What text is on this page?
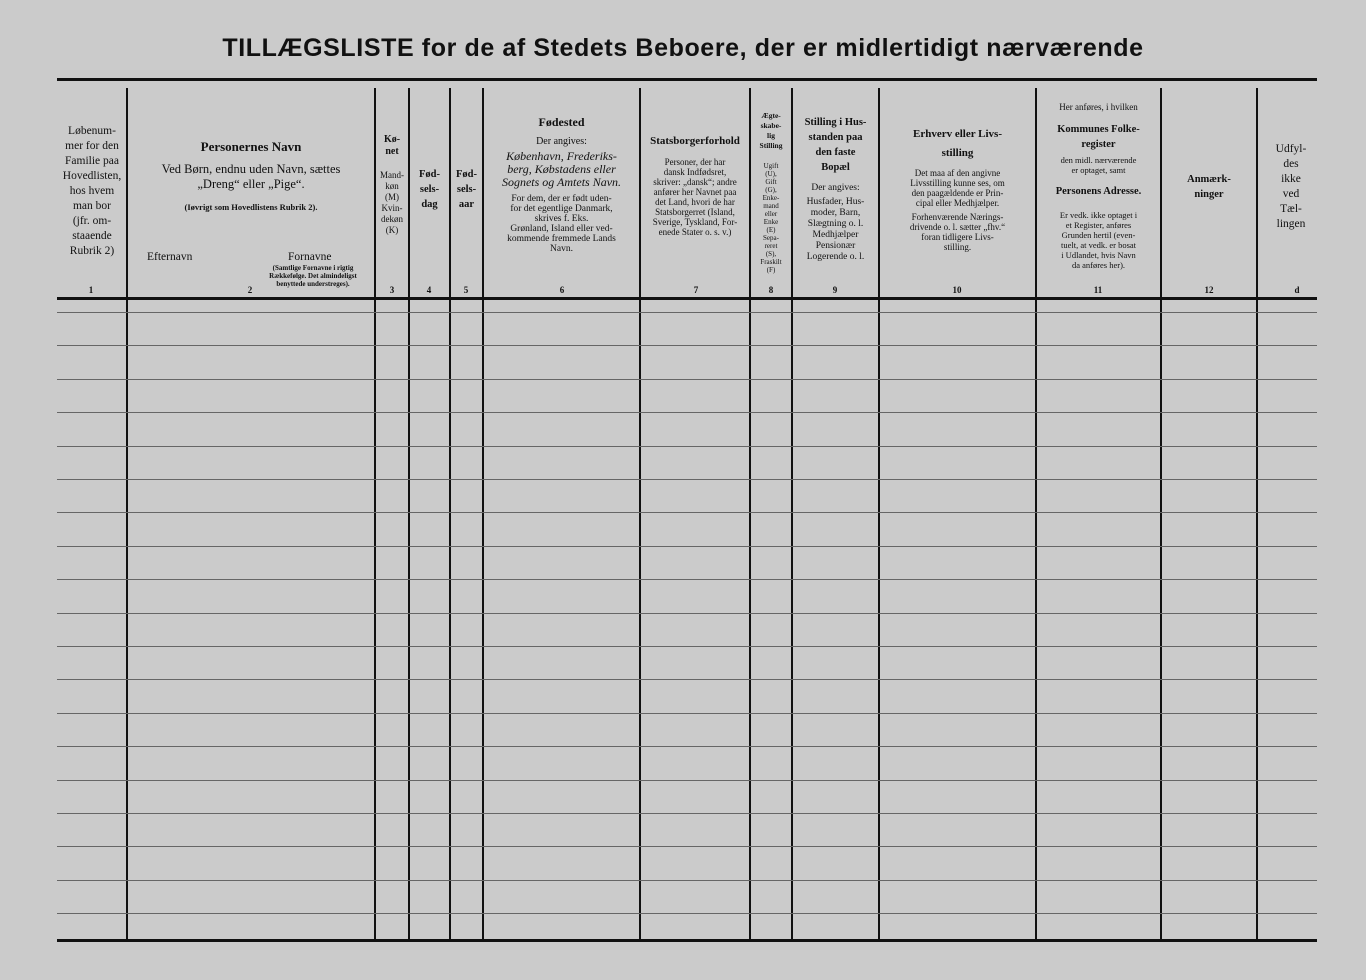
TILLÆGSLISTE for de af Stedets Beboere, der er midlertidigt nærværende
Løbenum-
mer for den
Familie paa
Hovedlisten,
hos hvem
man bor
(jfr. om-
staaende
Rubrik 2)
1
Personernes Navn
Ved Børn, endnu uden Navn, sættes
„Dreng“ eller „Pige“.
(Iøvrigt som Hovedlistens Rubrik 2).
Efternavn	Fornavne
(Samtlige Fornavne i rigtig Rækkefølge. Det almindeligst benyttede understreges).
2
Kø-
net
Mand-
køn
(M)
Kvin-
dekøn
(K)
3
Fød-
sels-
dag
4
Fød-
sels-
aar
5
Fødested
Der angives:
København, Frederiks-
berg, Købstadens eller
Sognets og Amtets Navn.
For dem, der er født uden-
for det egentlige Danmark,
skrives f. Eks.
Grønland, Island eller ved-
kommende fremmede Lands
Navn.
6
Statsborgerforhold
Personer, der har
dansk Indfødsret,
skriver: „dansk“; andre
anfører her Navnet paa
det Land, hvori de har
Statsborgerret (Island,
Sverige, Tyskland, For-
enede Stater o. s. v.)
7
Ægte-
skabe-
lig
Stilling
Ugift
(U),
Gift
(G),
Enke-
mand
eller
Enke
(E)
Sepa-
reret
(S),
Fraskilt
(F)
8
Stilling i Hus-
standen paa
den faste
Bopæl
Der angives:
Husfader, Hus-
moder, Barn,
Slægtning o. l.
Medhjælper
Pensionær
Logerende o. l.
9
Erhverv eller Livs-
stilling
Det maa af den angivne
Livsstilling kunne ses, om
den paagældende er Prin-
cipal eller Medhjælper.
Forhenværende Nærings-
drivende o. l. sætter „fhv.“
foran tidligere Livs-
stilling.
10
Her anføres, i hvilken
Kommunes Folke-
register
den midl. nærværende
er optaget, samt
Personens Adresse.
Er vedk. ikke optaget i
et Register, anføres
Grunden hertil (even-
tuelt, at vedk. er bosat
i Udlandet, hvis Navn
da anføres her).
11
Anmærk-
ninger
12
Udfyl-
des
ikke
ved
Tæl-
lingen
d
